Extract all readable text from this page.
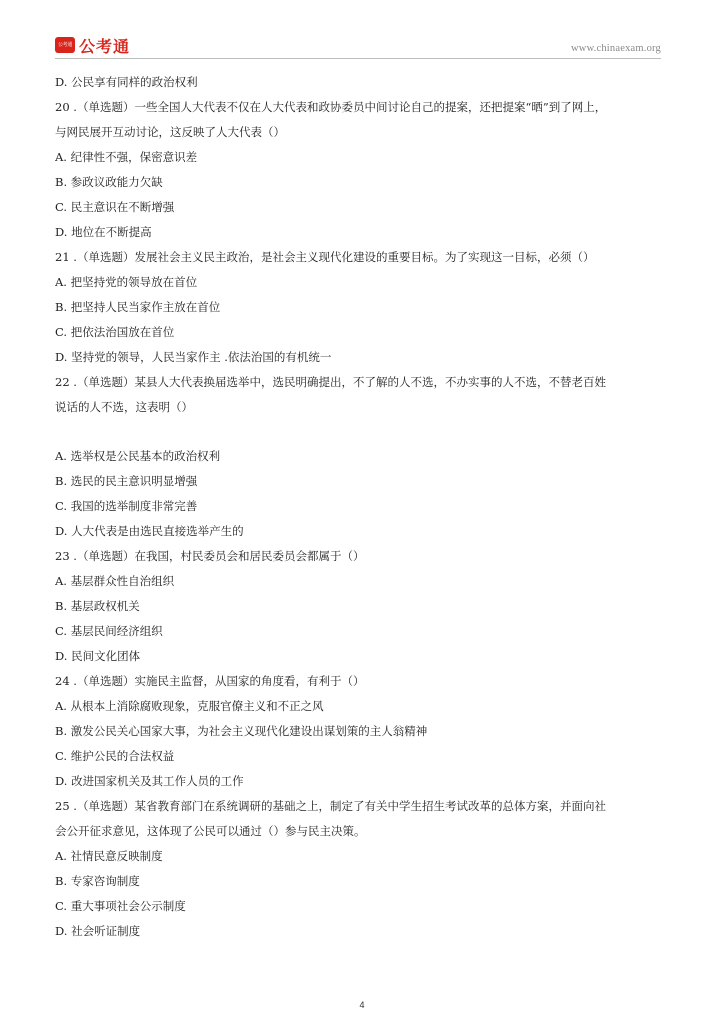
公考通 公考通	www.chinaexam.org
D. 公民享有同样的政治权利
20 .（单选题）一些全国人大代表不仅在人大代表和政协委员中间讨论自己的提案，还把提案“晒”到了网上，
与网民展开互动讨论，这反映了人大代表（）
A. 纪律性不强，保密意识差
B. 参政议政能力欠缺
C. 民主意识在不断增强
D. 地位在不断提高
21 .（单选题）发展社会主义民主政治，是社会主义现代化建设的重要目标。为了实现这一目标，必须（）
A. 把坚持党的领导放在首位
B. 把坚持人民当家作主放在首位
C. 把依法治国放在首位
D. 坚持党的领导，人民当家作主 .依法治国的有机统一
22 .（单选题）某县人大代表换届选举中，选民明确提出，不了解的人不选，不办实事的人不选，不替老百姓
说话的人不选，这表明（）
A. 选举权是公民基本的政治权利
B. 选民的民主意识明显增强
C. 我国的选举制度非常完善
D. 人大代表是由选民直接选举产生的
23 .（单选题）在我国，村民委员会和居民委员会都属于（）
A. 基层群众性自治组织
B. 基层政权机关
C. 基层民间经济组织
D. 民间文化团体
24 .（单选题）实施民主监督，从国家的角度看，有利于（）
A. 从根本上消除腐败现象，克服官僚主义和不正之风
B. 激发公民关心国家大事，为社会主义现代化建设出谋划策的主人翁精神
C. 维护公民的合法权益
D. 改进国家机关及其工作人员的工作
25 .（单选题）某省教育部门在系统调研的基础之上，制定了有关中学生招生考试改革的总体方案，并面向社
会公开征求意见，这体现了公民可以通过（）参与民主决策。
A. 社情民意反映制度
B. 专家咨询制度
C. 重大事项社会公示制度
D. 社会听证制度
4
